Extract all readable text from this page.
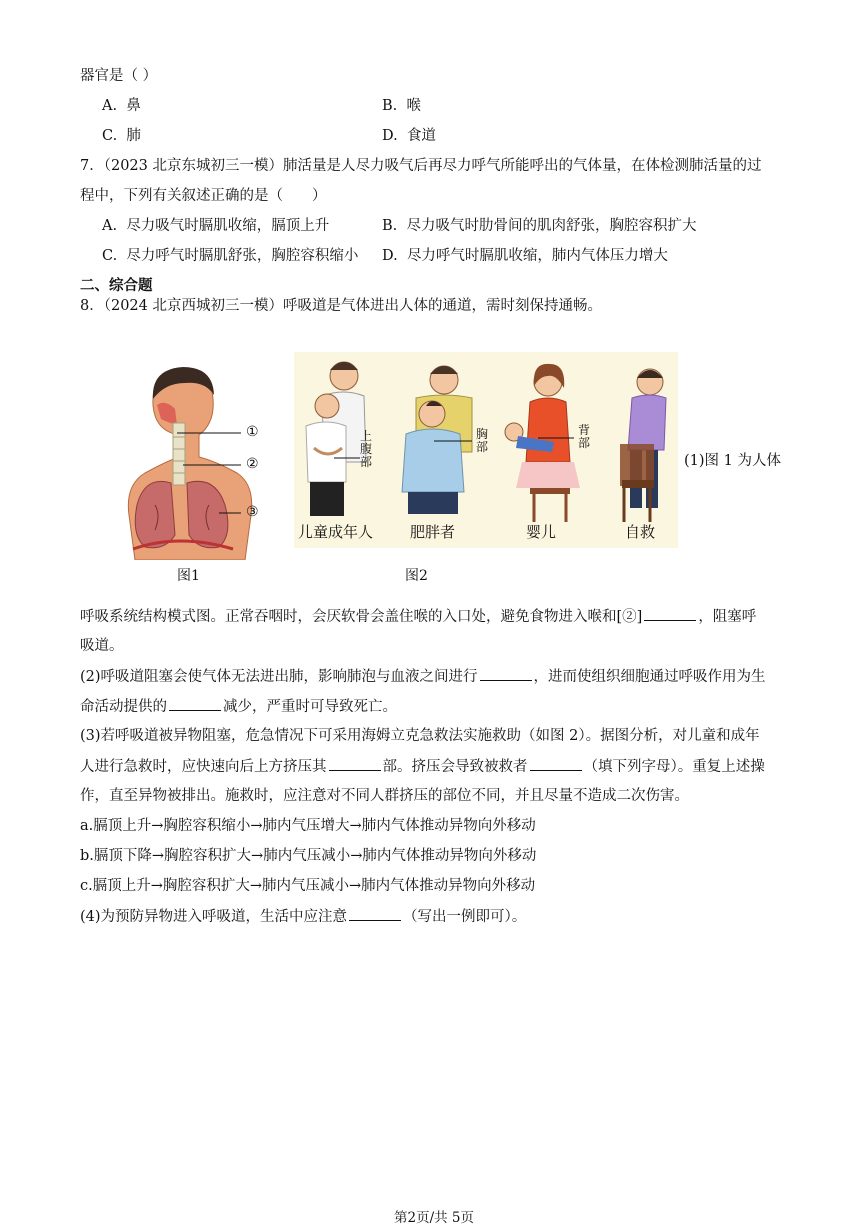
器官是（ ）
A. 鼻	B. 喉
C. 肺	D. 食道
7．（2023 北京东城初三一模）肺活量是人尽力吸气后再尽力呼气所能呼出的气体量，在体检测肺活量的过
程中，下列有关叙述正确的是（　　）
A. 尽力吸气时膈肌收缩，膈顶上升	B. 尽力吸气时肋骨间的肌肉舒张，胸腔容积扩大
C. 尽力呼气时膈肌舒张，胸腔容积缩小 D. 尽力呼气时膈肌收缩，肺内气体压力增大
二、综合题
8．（2024 北京西城初三一模）呼吸道是气体进出人体的通道，需时刻保持通畅。
①
②
③
图1
上腹部
胸部
背部
儿童成年人 肥胖者	婴儿	自救
图2
(1)图 1 为人体
呼吸系统结构模式图。正常吞咽时，会厌软骨会盖住喉的入口处，避免食物进入喉和[②]	，阻塞呼
吸道。
(2)呼吸道阻塞会使气体无法进出肺，影响肺泡与血液之间进行	，进而使组织细胞通过呼吸作用为生
命活动提供的	减少，严重时可导致死亡。
(3)若呼吸道被异物阻塞，危急情况下可采用海姆立克急救法实施救助（如图 2）。据图分析，对儿童和成年
人进行急救时，应快速向后上方挤压其	部。挤压会导致被救者	（填下列字母）。重复上述操
作，直至异物被排出。施救时，应注意对不同人群挤压的部位不同，并且尽量不造成二次伤害。
a.膈顶上升→胸腔容积缩小→肺内气压增大→肺内气体推动异物向外移动
b.膈顶下降→胸腔容积扩大→肺内气压减小→肺内气体推动异物向外移动
c.膈顶上升→胸腔容积扩大→肺内气压减小→肺内气体推动异物向外移动
(4)为预防异物进入呼吸道，生活中应注意	（写出一例即可）。
第2页/共 5页
